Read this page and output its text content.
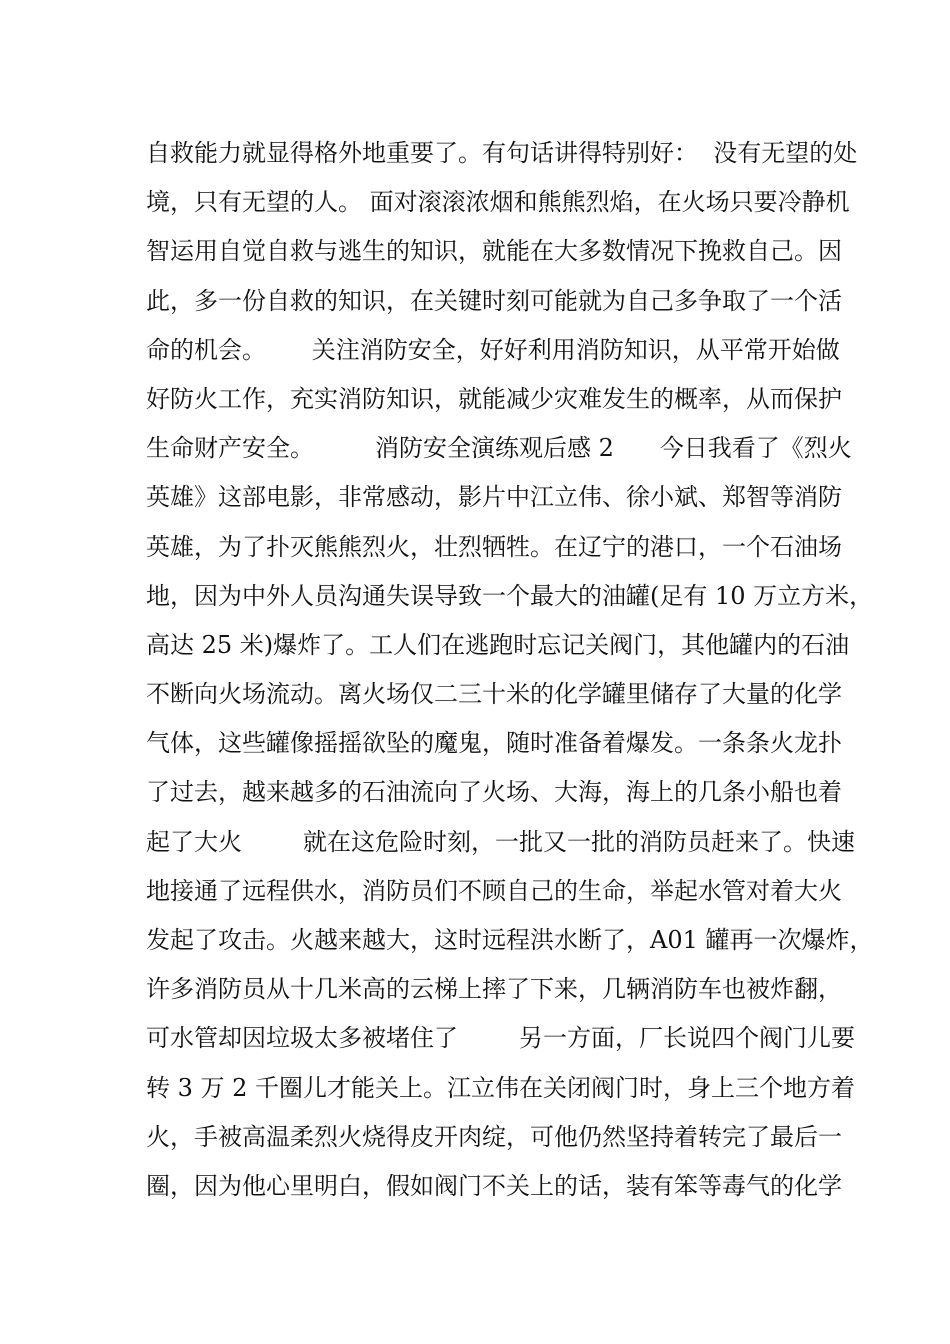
自救能力就显得格外地重要了。有句话讲得特别好：  没有无望的处
境，只有无望的人。 面对滚滚浓烟和熊熊烈焰，在火场只要冷静机
智运用自觉自救与逃生的知识，就能在大多数情况下挽救自己。因
此，多一份自救的知识，在关键时刻可能就为自己多争取了一个活
命的机会。      关注消防安全，好好利用消防知识，从平常开始做
好防火工作，充实消防知识，就能减少灾难发生的概率，从而保护
生命财产安全。        消防安全演练观后感 2      今日我看了《烈火
英雄》这部电影，非常感动，影片中江立伟、徐小斌、郑智等消防
英雄，为了扑灭熊熊烈火，壮烈牺牲。在辽宁的港口，一个石油场
地，因为中外人员沟通失误导致一个最大的油罐(足有 10 万立方米，
高达 25 米)爆炸了。工人们在逃跑时忘记关阀门，其他罐内的石油
不断向火场流动。离火场仅二三十米的化学罐里储存了大量的化学
气体，这些罐像摇摇欲坠的魔鬼，随时准备着爆发。一条条火龙扑
了过去，越来越多的石油流向了火场、大海，海上的几条小船也着
起了大火        就在这危险时刻，一批又一批的消防员赶来了。快速
地接通了远程供水，消防员们不顾自己的生命，举起水管对着大火
发起了攻击。火越来越大，这时远程洪水断了，A01 罐再一次爆炸，
许多消防员从十几米高的云梯上摔了下来，几辆消防车也被炸翻，
可水管却因垃圾太多被堵住了        另一方面，厂长说四个阀门儿要
转 3 万 2 千圈儿才能关上。江立伟在关闭阀门时，身上三个地方着
火，手被高温柔烈火烧得皮开肉绽，可他仍然坚持着转完了最后一
圈，因为他心里明白，假如阀门不关上的话，装有笨等毒气的化学
